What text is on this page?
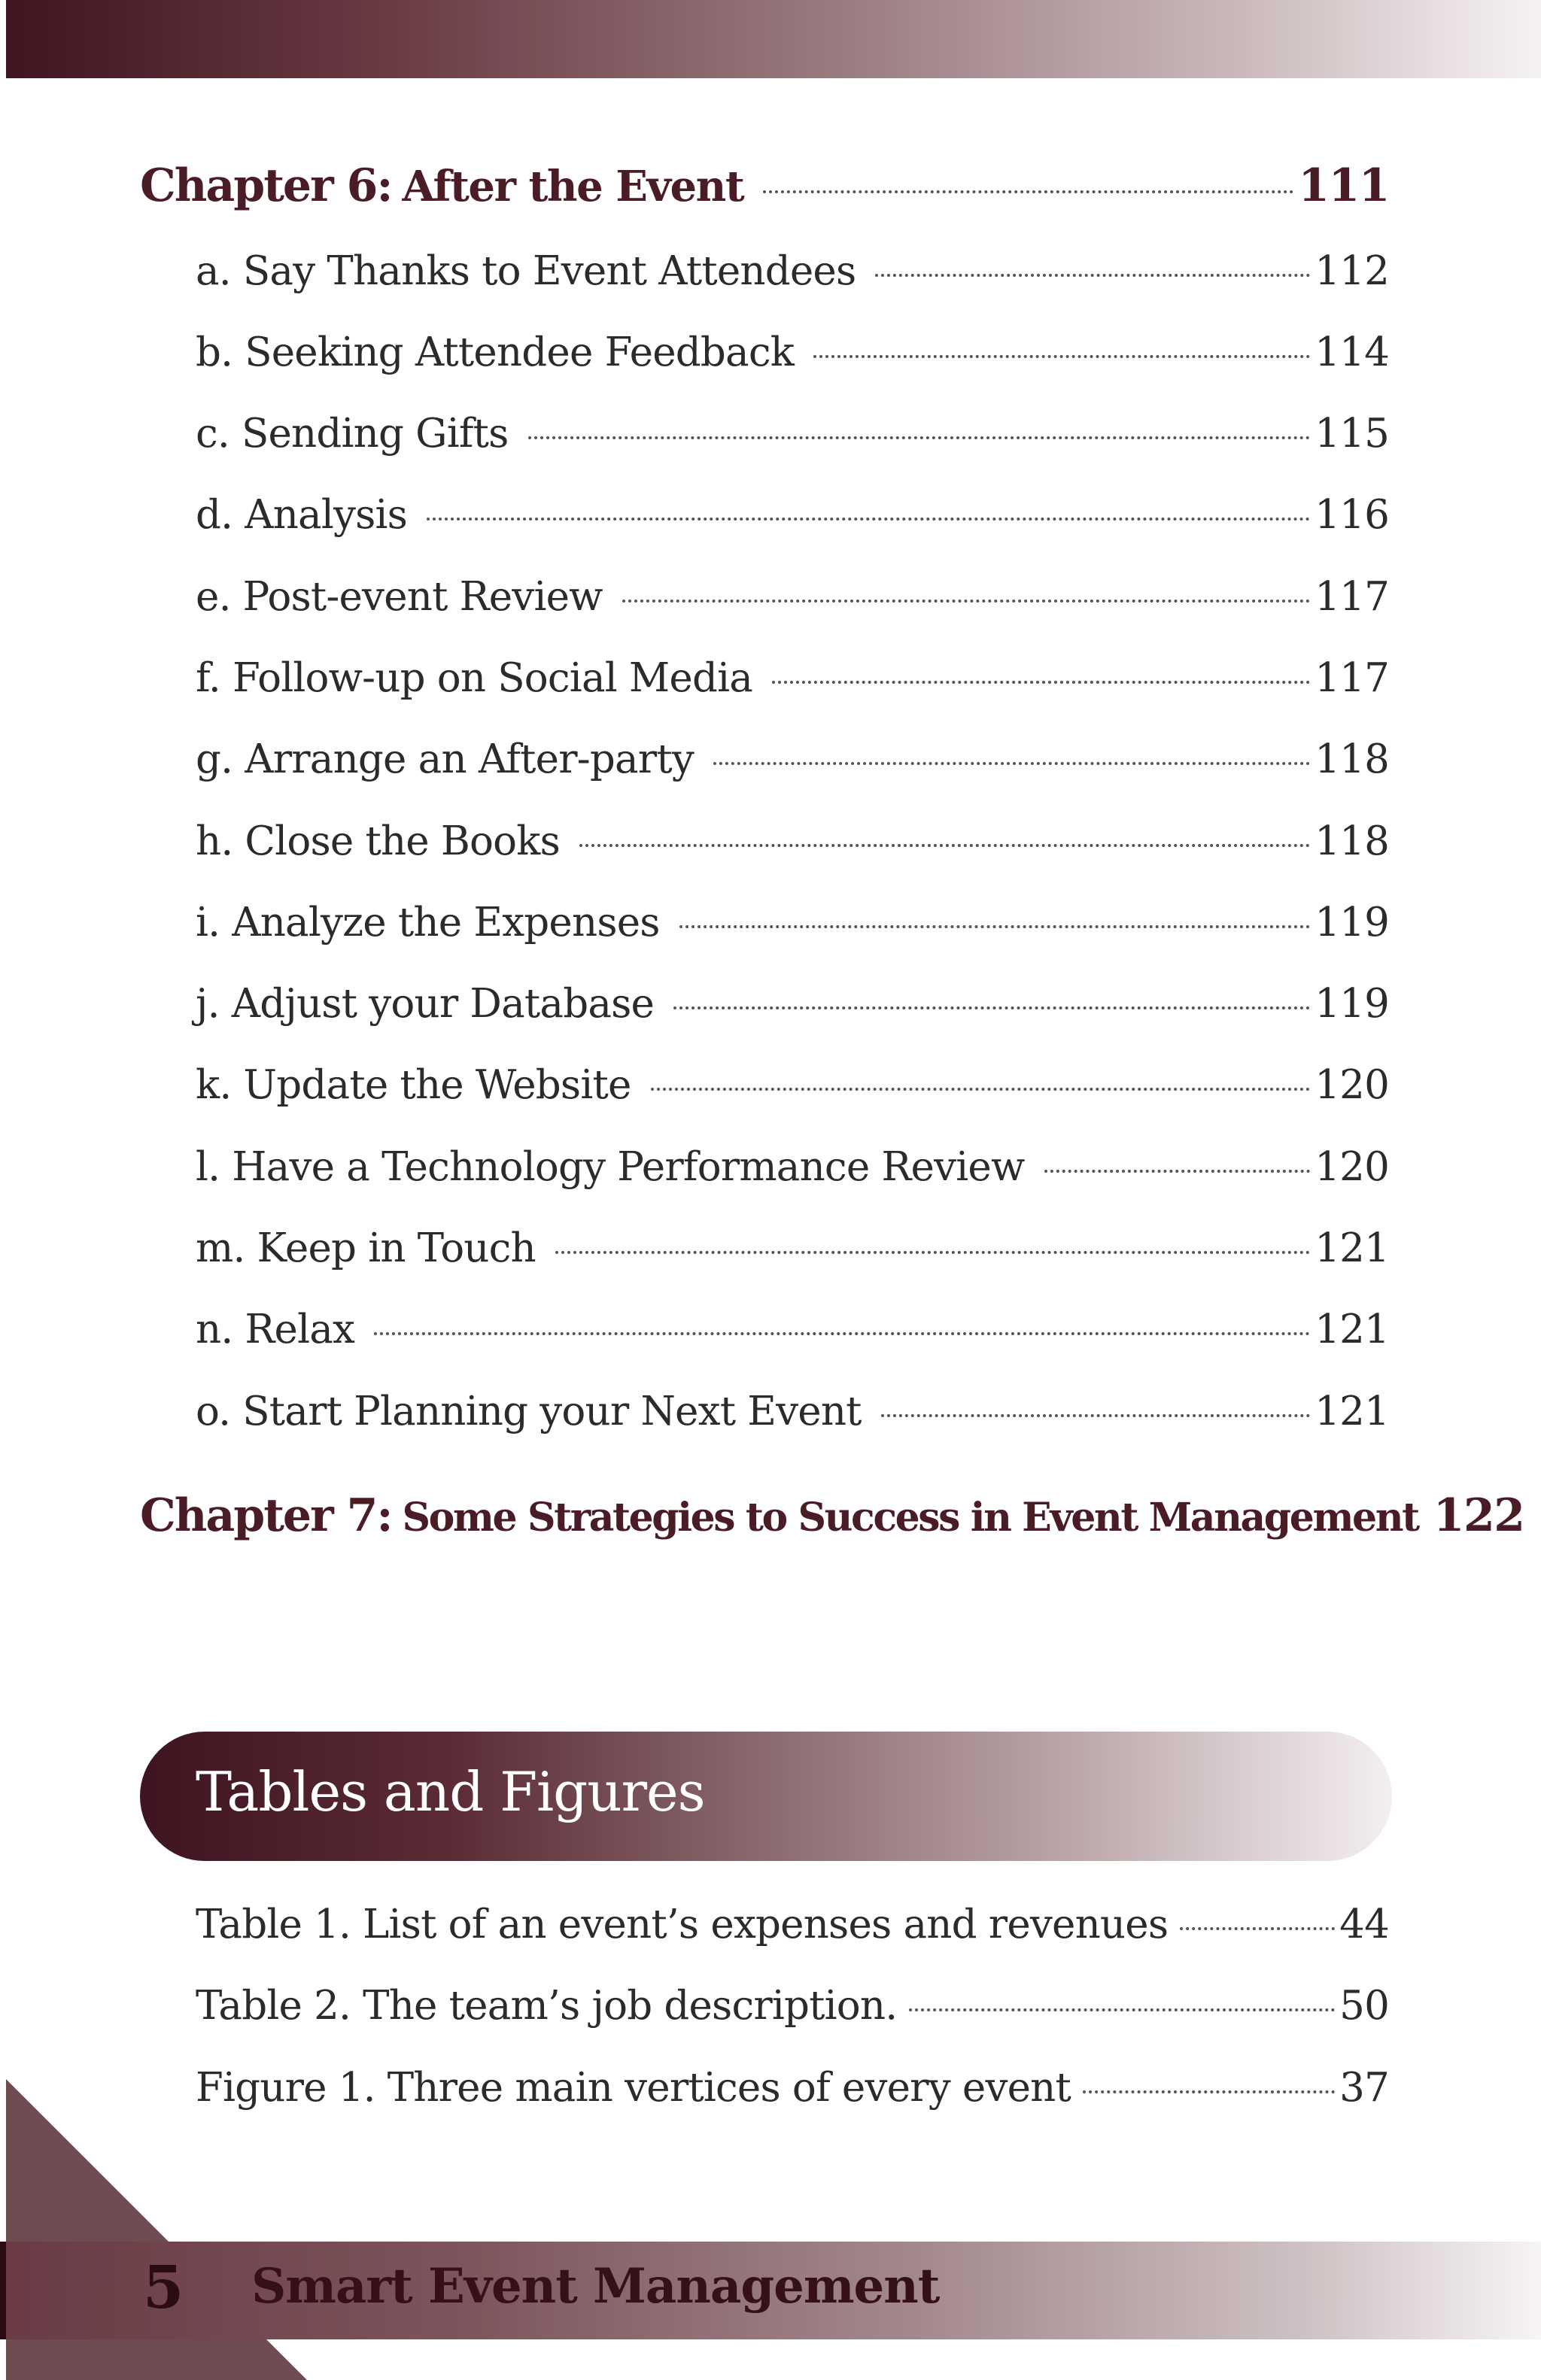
Chapter 6: After the Event	111
a. Say Thanks to Event Attendees	112
b. Seeking Attendee Feedback	114
c. Sending Gifts	115
d. Analysis	116
e. Post-event Review	117
f. Follow-up on Social Media	117
g. Arrange an After-party	118
h. Close the Books	118
i. Analyze the Expenses	119
j. Adjust your Database	119
k. Update the Website	120
l. Have a Technology Performance Review	120
m. Keep in Touch	121
n. Relax	121
o. Start Planning your Next Event	121
Chapter 7: Some Strategies to Success in Event Management 122
Table 1. List of an event’s expenses and revenues	44
Table 2. The team’s job description.	50
Figure 1. Three main vertices of every event	37
Tables and Figures
5 Smart Event Management
